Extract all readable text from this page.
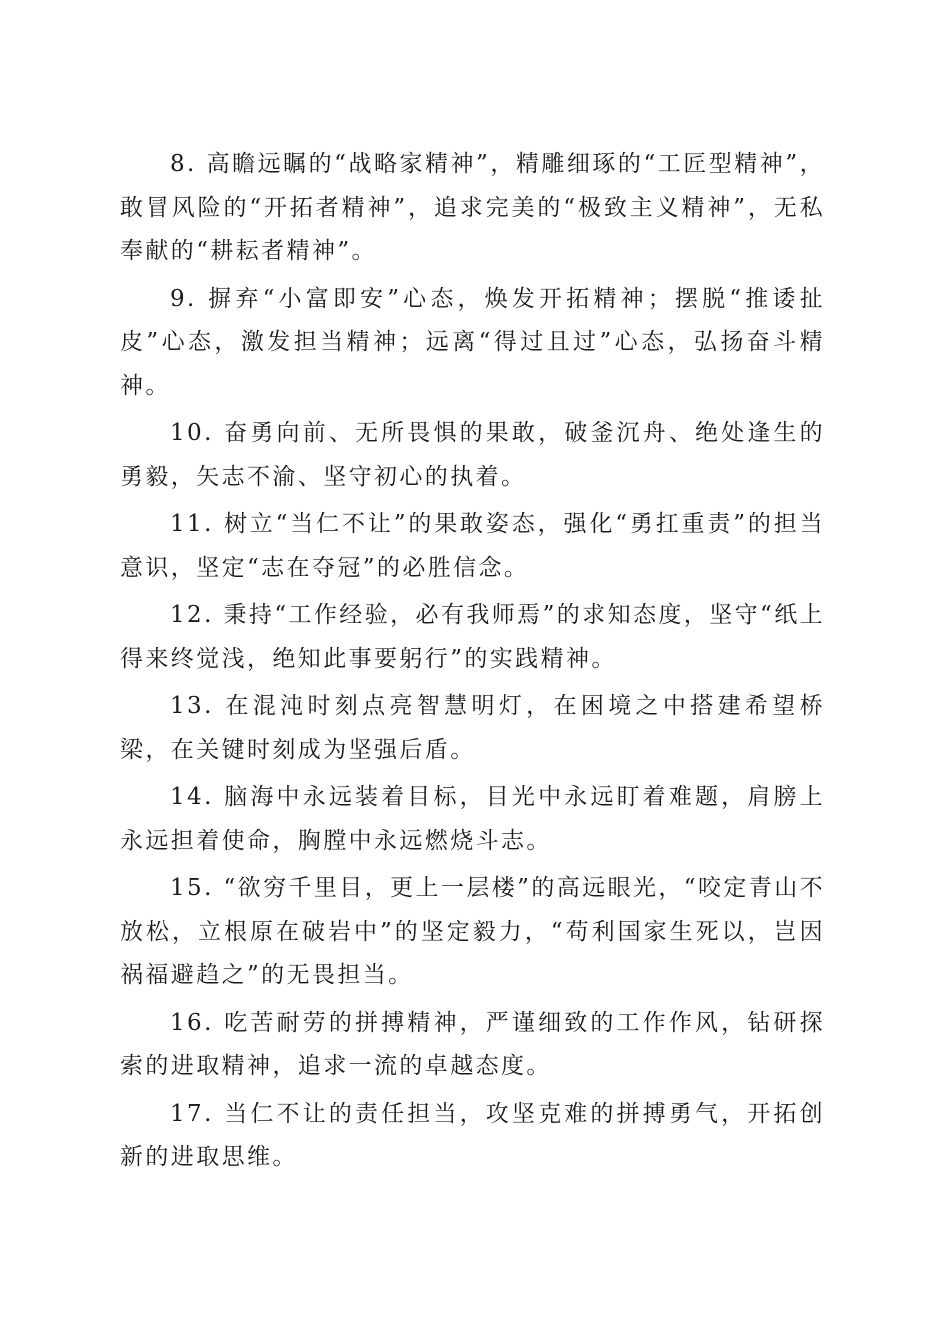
8. 高瞻远瞩的“战略家精神”，精雕细琢的“工匠型精神”，敢冒风险的“开拓者精神”，追求完美的“极致主义精神”，无私奉献的“耕耘者精神”。

9. 摒弃“小富即安”心态，焕发开拓精神；摆脱“推诿扯皮”心态，激发担当精神；远离“得过且过”心态，弘扬奋斗精神。

10. 奋勇向前、无所畏惧的果敢，破釜沉舟、绝处逢生的勇毅，矢志不渝、坚守初心的执着。

11. 树立“当仁不让”的果敢姿态，强化“勇扛重责”的担当意识，坚定“志在夺冠”的必胜信念。

12. 秉持“工作经验，必有我师焉”的求知态度，坚守“纸上得来终觉浅，绝知此事要躬行”的实践精神。

13. 在混沌时刻点亮智慧明灯，在困境之中搭建希望桥梁，在关键时刻成为坚强后盾。

14. 脑海中永远装着目标，目光中永远盯着难题，肩膀上永远担着使命，胸膛中永远燃烧斗志。

15. “欲穷千里目，更上一层楼”的高远眼光，“咬定青山不放松，立根原在破岩中”的坚定毅力，“苟利国家生死以，岂因祸福避趋之”的无畏担当。

16. 吃苦耐劳的拼搏精神，严谨细致的工作作风，钻研探索的进取精神，追求一流的卓越态度。

17. 当仁不让的责任担当，攻坚克难的拼搏勇气，开拓创新的进取思维。
